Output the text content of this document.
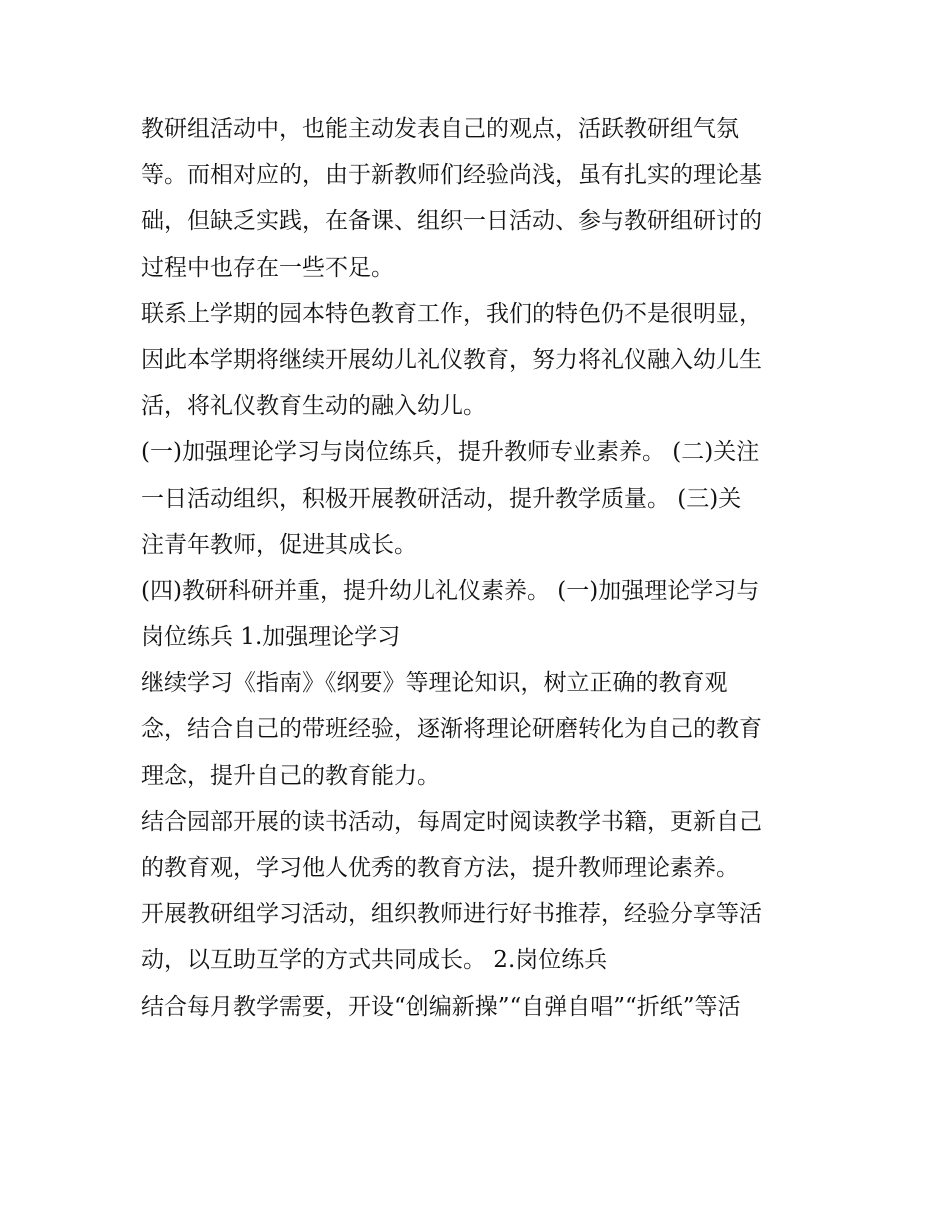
教研组活动中，也能主动发表自己的观点，活跃教研组气氛

等。而相对应的，由于新教师们经验尚浅，虽有扎实的理论基

础，但缺乏实践，在备课、组织一日活动、参与教研组研讨的

过程中也存在一些不足。

联系上学期的园本特色教育工作，我们的特色仍不是很明显，

因此本学期将继续开展幼儿礼仪教育，努力将礼仪融入幼儿生

活，将礼仪教育生动的融入幼儿。

(一)加强理论学习与岗位练兵，提升教师专业素养。 (二)关注

一日活动组织，积极开展教研活动，提升教学质量。 (三)关

注青年教师，促进其成长。

(四)教研科研并重，提升幼儿礼仪素养。 (一)加强理论学习与

岗位练兵 1.加强理论学习

继续学习《指南》《纲要》等理论知识，树立正确的教育观

念，结合自己的带班经验，逐渐将理论研磨转化为自己的教育

理念，提升自己的教育能力。

结合园部开展的读书活动，每周定时阅读教学书籍，更新自己

的教育观，学习他人优秀的教育方法，提升教师理论素养。

开展教研组学习活动，组织教师进行好书推荐，经验分享等活

动，以互助互学的方式共同成长。 2.岗位练兵

结合每月教学需要，开设“创编新操”“自弹自唱”“折纸”等活
